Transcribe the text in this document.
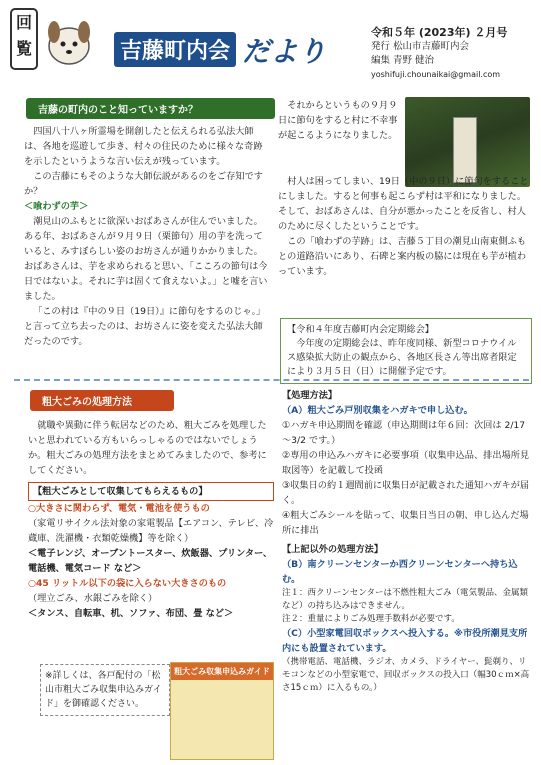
回覧	吉藤町内会 だより
令和５年 (2023年) ２月号
発行 松山市吉藤町内会
編集 青野 健治
yoshifuji.chounaikai@gmail.com
吉藤の町内のこと知っていますか？

四国八十八ヶ所霊場を開創したと伝えられる弘法大師は、各地を巡遊して歩き、村々の住民のために様々な奇跡を示したというような言い伝えが残っています。

この吉藤にもそのような大師伝説があるのをご存知ですか？

＜喰わずの芋＞

潮見山のふもとに欲深いおばあさんが住んでいました。ある年、おばあさんが９月９日（栗節句）用の芋を洗っていると、みすぼらしい姿のお坊さんが通りかかりました。おばあさんは、芋を求められると思い、「こころの節句は今日ではないよ。それに芋は固くて食えないよ。」と嘘を言いました。

「この村は『中の９日（19日）』に節句をするのじゃ。」と言って立ち去ったのは、お坊さんに姿を変えた弘法大師だったのです。

それからというもの９月９日に節句をすると村に不幸事が起こるようになりました。

村人は困ってしまい、19日（中の９日）に節句をすることにしました。すると何事も起こらず村は平和になりました。そして、おばあさんは、自分が悪かったことを反省し、村人のために尽くしたということです。

この「喰わずの芋跡」は、吉藤５丁目の潮見山南東側ふもとの道路沿いにあり、石碑と案内板の脇には現在も芋が植わっています。

【令和４年度吉藤町内会定期総会】
今年度の定期総会は、昨年度同様、新型コロナウイルス感染拡大防止の観点から、各地区長さん等出席者限定により３月５日（日）に開催予定です。
粗大ごみの処理方法

就職や異動に伴う転居などのため、粗大ごみを処理したいと思われている方もいらっしゃるのではないでしょうか。粗大ごみの処理方法をまとめてみましたので、参考にしてください。

【粗大ごみとして収集してもらえるもの】
○大きさに関わらず、電気・電池を使うもの
（家電リサイクル法対象の家電製品【エアコン、テレビ、冷蔵庫、洗濯機・衣類乾燥機】等を除く）
＜電子レンジ、オーブントースター、炊飯器、プリンター、電話機、電気コード など＞
○45 リットル以下の袋に入らない大きさのもの
（埋立ごみ、水銀ごみを除く）
＜タンス、自転車、机、ソファ、布団、畳 など＞
※詳しくは、各戸配付の「松山市粗大ごみ収集申込みガイド」を御確認ください。
粗大ごみ収集申込みガイド
【処理方法】
（A）粗大ごみ戸別収集をハガキで申し込む。
①ハガキ申込期間を確認（申込期間は年６回：次回は 2/17～3/2 です。）
②専用の申込みハガキに必要事項（収集申込品、排出場所見取図等）を記載して投函
③収集日の約１週間前に収集日が記載された通知ハガキが届く。
④粗大ごみシールを貼って、収集日当日の朝、申し込んだ場所に排出
【上記以外の処理方法】
（B）南クリーンセンターか西クリーンセンターへ持ち込む。
注１：西クリーンセンターは不燃性粗大ごみ（電気製品、金属類など）の持ち込みはできません。
注２：重量によりごみ処理手数料が必要です。
（C）小型家電回収ボックスへ投入する。※市役所潮見支所内にも設置されています。
（携帯電話、電話機、ラジオ、カメラ、ドライヤー、髭剃り、リモコンなどの小型家電で、回収ボックスの投入口（幅30ｃｍ×高さ15ｃｍ）に入るもの。）
